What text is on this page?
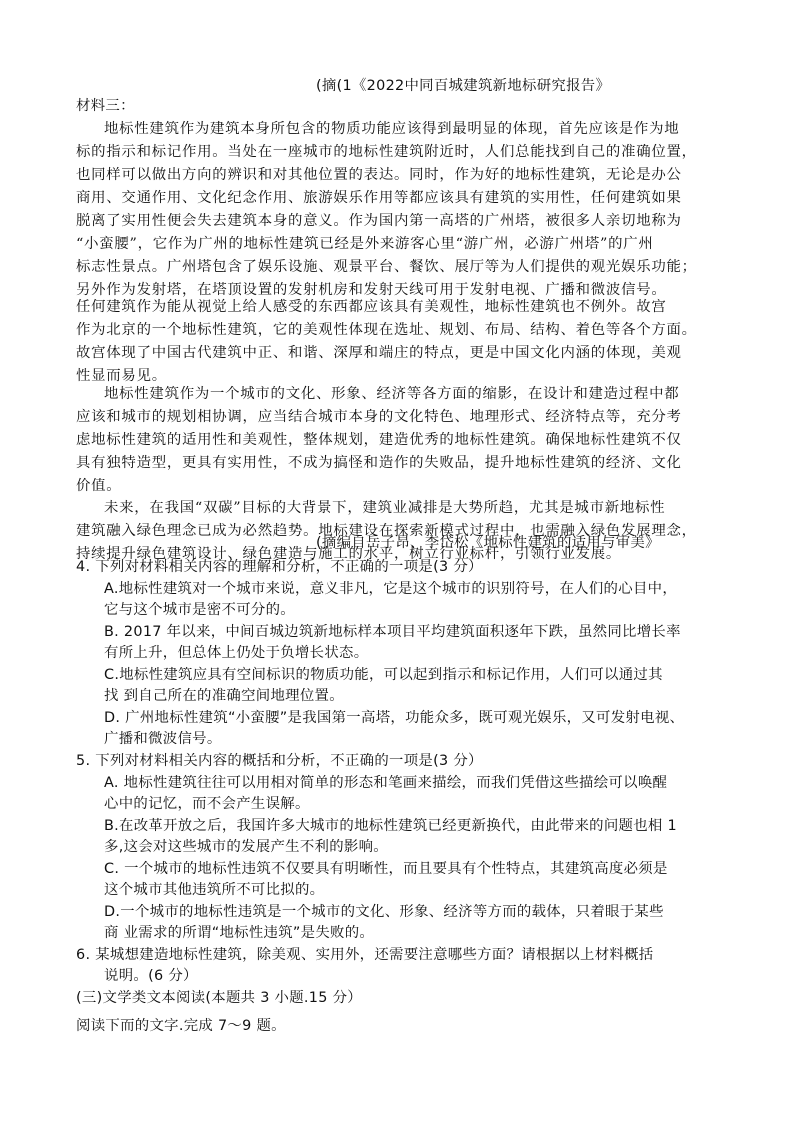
(摘(1《2022中同百城建筑新地标研究报告》
材料三：
地标性建筑作为建筑本身所包含的物质功能应该得到最明显的体现，首先应该是作为地
标的指示和标记作用。当处在一座城市的地标性建筑附近时，人们总能找到自己的准确位置，
也同样可以做出方向的辨识和对其他位置的表达。同时，作为好的地标性建筑，无论是办公
商用、交通作用、文化纪念作用、旅游娱乐作用等都应该具有建筑的实用性，任何建筑如果
脱离了实用性便会失去建筑本身的意义。作为国内第一高塔的广州塔，被很多人亲切地称为
“小蛮腰”，它作为广州的地标性建筑已经是外来游客心里“游广州，必游广州塔”的广州
标志性景点。广州塔包含了娱乐设施、观景平台、餐饮、展厅等为人们提供的观光娱乐功能；
另外作为发射塔，在塔顶设置的发射机房和发射天线可用于发射电视、广播和微波信号。
任何建筑作为能从视觉上给人感受的东西都应该具有美观性，地标性建筑也不例外。故宫
作为北京的一个地标性建筑，它的美观性体现在选址、规划、布局、结构、着色等各个方面。
故宫体现了中国古代建筑中正、和谐、深厚和端庄的特点，更是中国文化内涵的体现，美观
性显而易见。
地标性建筑作为一个城市的文化、形象、经济等各方面的缩影，在设计和建造过程中都
应该和城市的规划相协调，应当结合城市本身的文化特色、地理形式、经济特点等，充分考
虑地标性建筑的适用性和美观性，整体规划，建造优秀的地标性建筑。确保地标性建筑不仅
具有独特造型，更具有实用性，不成为搞怪和造作的失败品，提升地标性建筑的经济、文化
价值。
未来，在我国“双碳”目标的大背景下，建筑业减排是大势所趋，尤其是城市新地标性
建筑融入绿色理念已成为必然趋势。地标建设在探索新模式过程中，也需融入绿色发展理念，
持续提升绿色建筑设计、绿色建造与施工的水平，树立行业标杆，引领行业发展。
(摘编自岳子昂、李岱松《地标性建筑的适用与审美》
4. 下列对材料相关内容的理解和分析，不正确的一项是(3 分）
A.地标性建筑对一个城市来说，意义非凡，它是这个城市的识别符号，在人们的心目中，
它与这个城市是密不可分的。
B. 2017 年以来，中间百城边筑新地标样本项目平均建筑面积逐年下跌，虽然同比增长率
有所上升，但总体上仍处于负增长状态。
C.地标性建筑应具有空间标识的物质功能，可以起到指示和标记作用，人们可以通过其
找 到自己所在的准确空间地理位置。
D. 广州地标性建筑“小蛮腰”是我国第一高塔，功能众多，既可观光娱乐，又可发射电视、
广播和微波信号。
5. 下列对材料相关内容的概括和分析，不正确的一项是(3 分）
A. 地标性建筑往往可以用相对简单的形态和笔画来描绘，而我们凭借这些描绘可以唤醒
心中的记忆，而不会产生误解。
B.在改革开放之后，我国许多大城市的地标性建筑已经更新换代，由此带来的问题也相 1
多,这会对这些城市的发展产生不利的影响。
C. 一个城市的地标性违筑不仅要具有明晰性，而且要具有个性特点，其建筑高度必须是
这个城市其他违筑所不可比拟的。
D.一个城市的地标性违筑是一个城市的文化、形象、经济等方而的载体，只着眼于某些
商 业需求的所谓“地标性违筑”是失败的。
6. 某城想建造地标性建筑，除美观、实用外，还需要注意哪些方面？请根据以上材料概括
说明。(6 分）
(三)文学类文本阅读(本题共 3 小题.15 分）
阅读下而的文字.完成 7～9 题。
